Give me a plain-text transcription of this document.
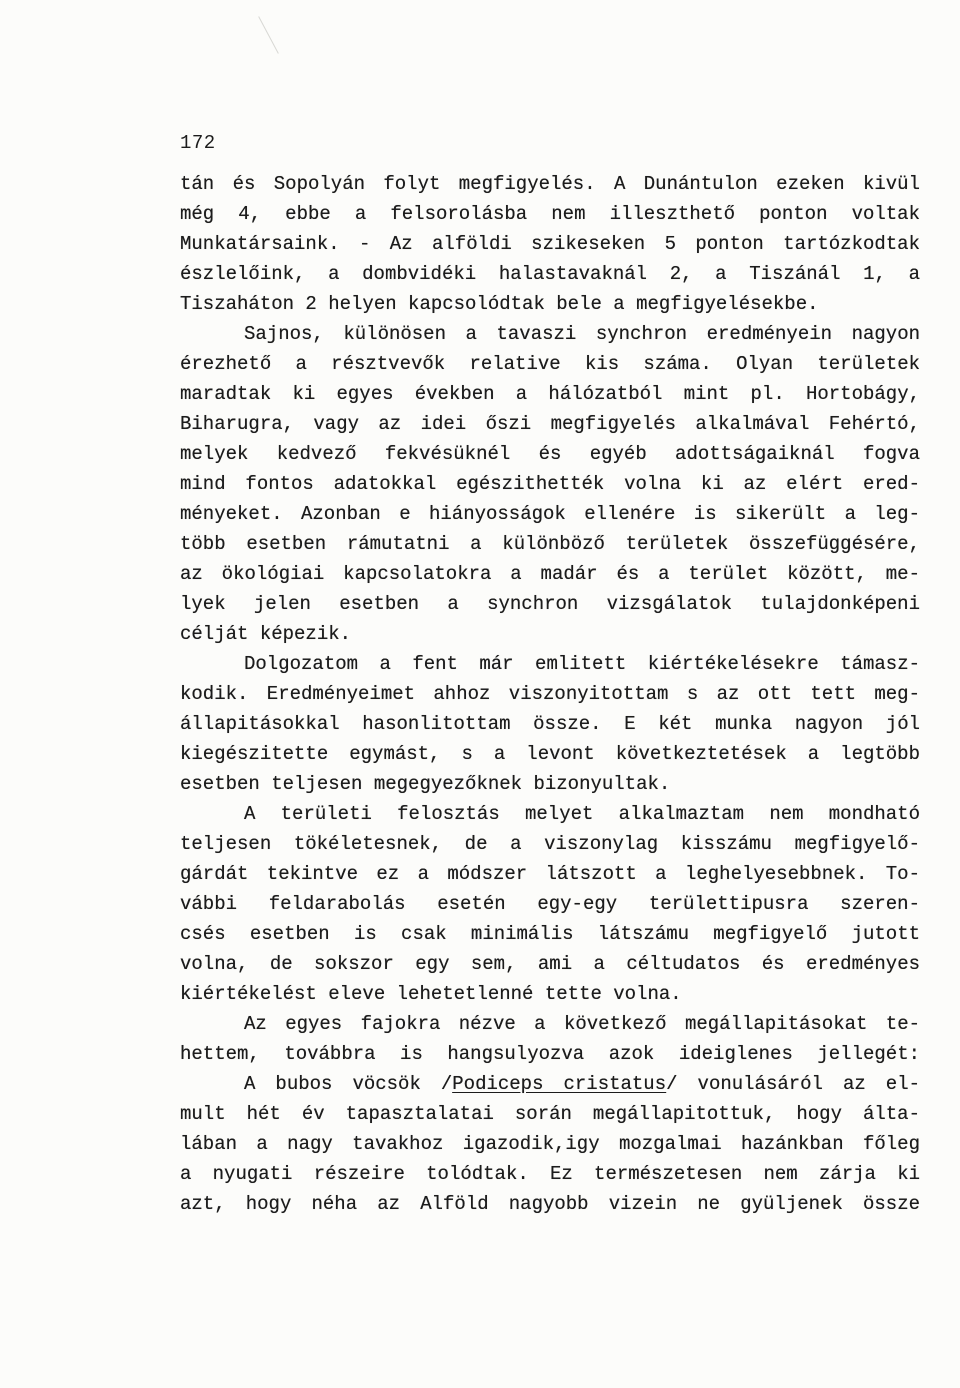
172
tán és Sopolyán folyt megfigyelés. A Dunántulon ezeken kivül
még 4, ebbe a felsorolásba nem illeszthető ponton voltak
Munkatársaink. - Az alföldi szikeseken 5 ponton tartózkodtak
észlelőink, a dombvidéki halastavaknál 2, a Tiszánál 1, a
Tiszaháton 2 helyen kapcsolódtak bele a megfigyelésekbe.
Sajnos, különösen a tavaszi synchron eredményein nagyon
érezhető a résztvevők relative kis száma. Olyan területek
maradtak ki egyes években a hálózatból mint pl. Hortobágy,
Biharugra, vagy az idei őszi megfigyelés alkalmával Fehértó,
melyek kedvező fekvésüknél és egyéb adottságaiknál fogva
mind fontos adatokkal egészithették volna ki az elért ered-
ményeket. Azonban e hiányosságok ellenére is sikerült a leg-
több esetben rámutatni a különböző területek összefüggésére,
az ökológiai kapcsolatokra a madár és a terület között, me-
lyek jelen esetben a synchron vizsgálatok tulajdonképeni
célját képezik.
Dolgozatom a fent már emlitett kiértékelésekre támasz-
kodik. Eredményeimet ahhoz viszonyitottam s az ott tett meg-
állapitásokkal hasonlitottam össze. E két munka nagyon jól
kiegészitette egymást, s a levont következtetések a legtöbb
esetben teljesen megegyezőknek bizonyultak.
A területi felosztás melyet alkalmaztam nem mondható
teljesen tökéletesnek, de a viszonylag kisszámu megfigyelő-
gárdát tekintve ez a módszer látszott a leghelyesebbnek. To-
vábbi feldarabolás esetén egy-egy területtipusra szeren-
csés esetben is csak minimális látszámu megfigyelő jutott
volna, de sokszor egy sem, ami a céltudatos és eredményes
kiértékelést eleve lehetetlenné tette volna.
Az egyes fajokra nézve a következő megállapitásokat te-
hettem, továbbra is hangsulyozva azok ideiglenes jellegét:
A bubos vöcsök /Podiceps cristatus/ vonulásáról az el-
mult hét év tapasztalatai során megállapitottuk, hogy álta-
lában a nagy tavakhoz igazodik,igy mozgalmai hazánkban főleg
a nyugati részeire tolódtak. Ez természetesen nem zárja ki
azt, hogy néha az Alföld nagyobb vizein ne gyüljenek össze
